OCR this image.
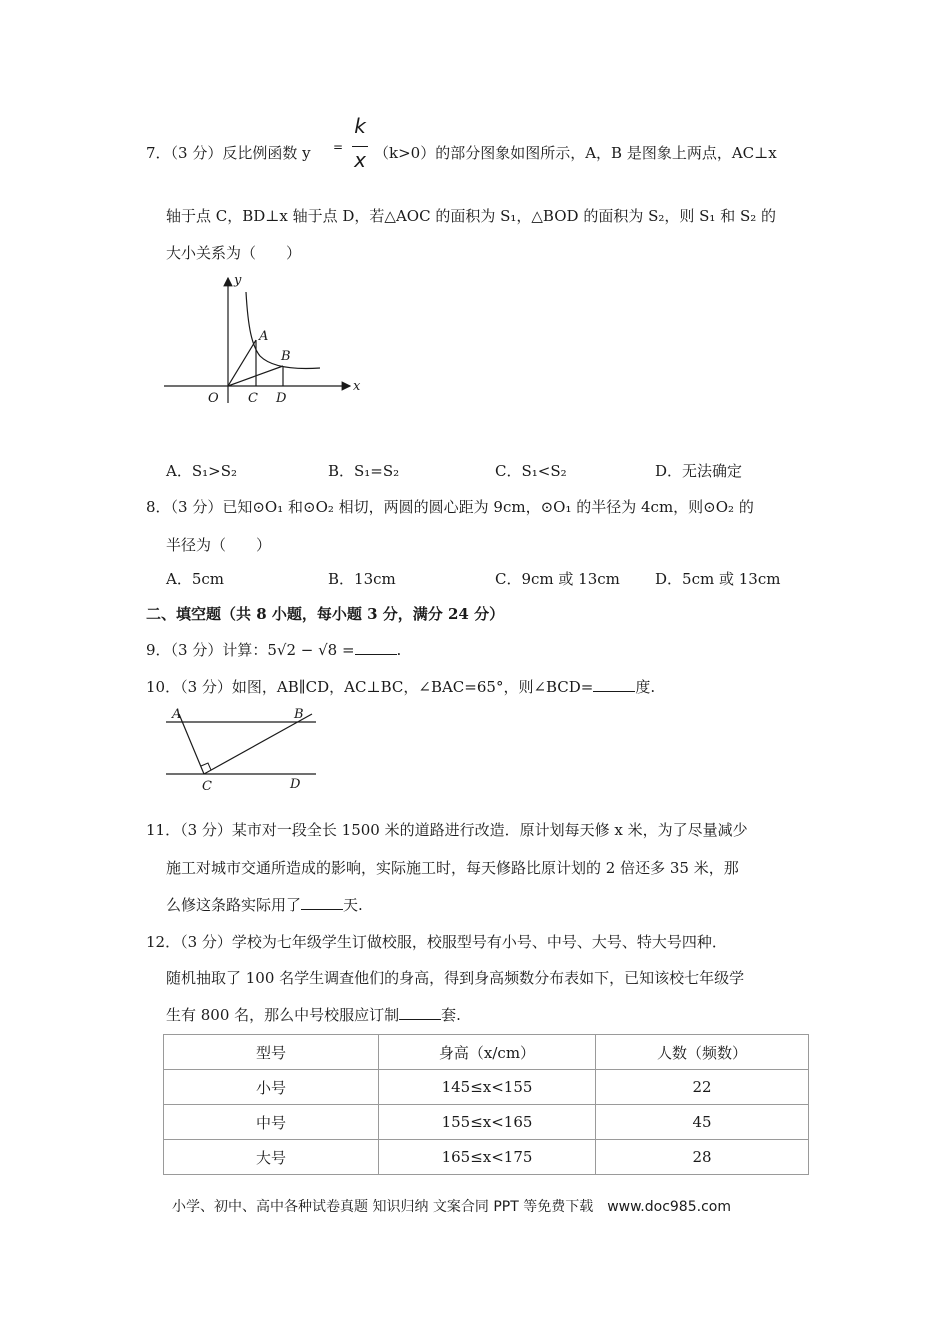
7．（3 分）反比例函数 y =
k
x （k>0）的部分图象如图所示，A，B 是图象上两点，AC⊥x
轴于点 C，BD⊥x 轴于点 D，若△AOC 的面积为 S₁，△BOD 的面积为 S₂，则 S₁ 和 S₂ 的
大小关系为（　　）
y
x
O
A
B
C D
A．S₁>S₂	B．S₁=S₂	C．S₁<S₂	D．无法确定
8．（3 分）已知⊙O₁ 和⊙O₂ 相切，两圆的圆心距为 9cm，⊙O₁ 的半径为 4cm，则⊙O₂ 的
半径为（　　）
A．5cm	B．13cm	C．9cm 或 13cm D．5cm 或 13cm
二、填空题（共 8 小题，每小题 3 分，满分 24 分）
9．（3 分）计算：5√2 − √8 =	.
10．（3 分）如图，AB∥CD，AC⊥BC，∠BAC=65°，则∠BCD=	度.
A	B
C	D
11．（3 分）某市对一段全长 1500 米的道路进行改造．原计划每天修 x 米，为了尽量减少
施工对城市交通所造成的影响，实际施工时，每天修路比原计划的 2 倍还多 35 米，那
么修这条路实际用了	天.
12．（3 分）学校为七年级学生订做校服，校服型号有小号、中号、大号、特大号四种．
随机抽取了 100 名学生调查他们的身高，得到身高频数分布表如下，已知该校七年级学
生有 800 名，那么中号校服应订制	套.
型号	身高（x/cm）	人数（频数）
小号	145≤x<155	22
中号	155≤x<165	45
大号	165≤x<175	28
小学、初中、高中各种试卷真题 知识归纳 文案合同 PPT 等免费下载　www.doc985.com
